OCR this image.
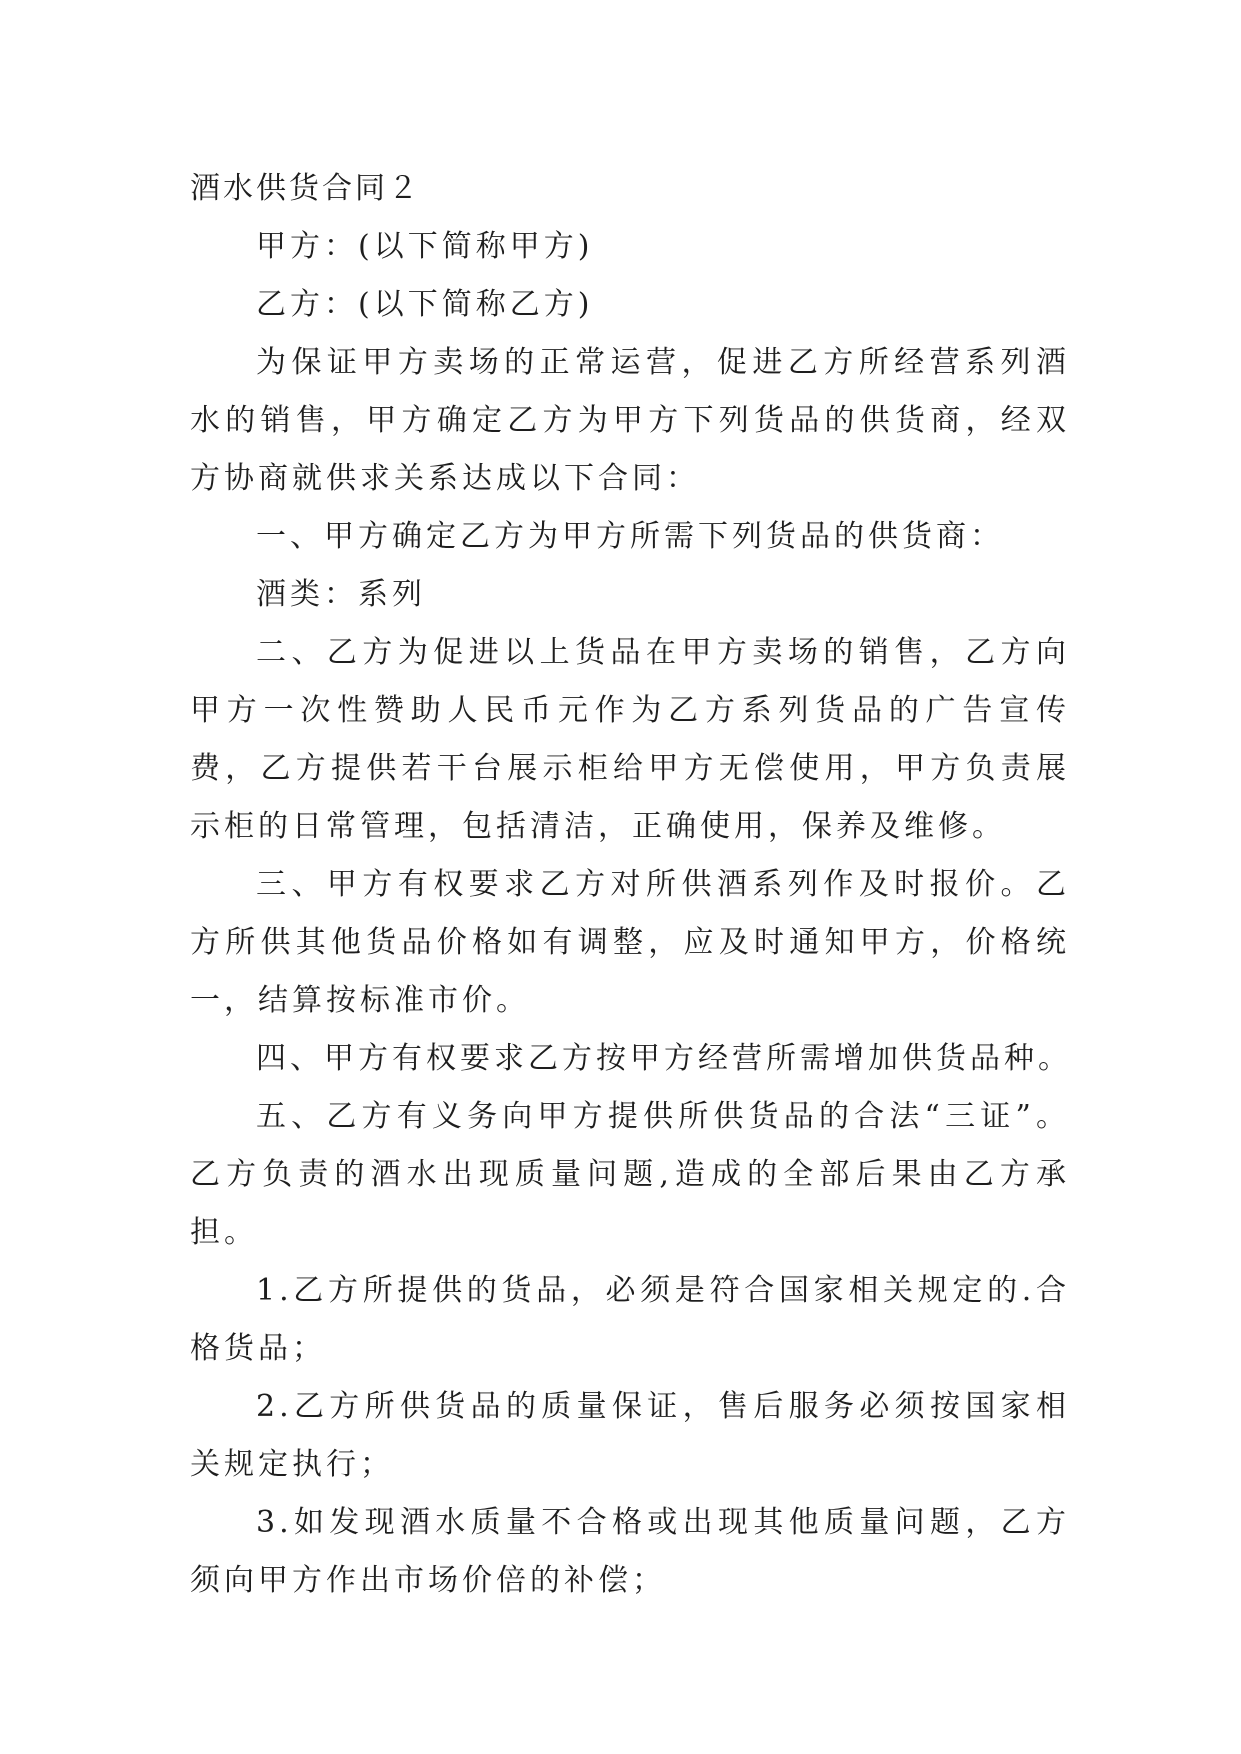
酒水供货合同２

甲方：(以下简称甲方)

乙方：(以下简称乙方)

为保证甲方卖场的正常运营，促进乙方所经营系列酒水的销售，甲方确定乙方为甲方下列货品的供货商，经双方协商就供求关系达成以下合同：

一、甲方确定乙方为甲方所需下列货品的供货商：

酒类：系列

二、乙方为促进以上货品在甲方卖场的销售，乙方向甲方一次性赞助人民币元作为乙方系列货品的广告宣传费，乙方提供若干台展示柜给甲方无偿使用，甲方负责展示柜的日常管理，包括清洁，正确使用，保养及维修。

三、甲方有权要求乙方对所供酒系列作及时报价。乙方所供其他货品价格如有调整，应及时通知甲方，价格统一，结算按标准市价。

四、甲方有权要求乙方按甲方经营所需增加供货品种。

五、乙方有义务向甲方提供所供货品的合法“三证”。乙方负责的酒水出现质量问题,造成的全部后果由乙方承担。

1.乙方所提供的货品，必须是符合国家相关规定的.合格货品；

2.乙方所供货品的质量保证，售后服务必须按国家相关规定执行；

3.如发现酒水质量不合格或出现其他质量问题，乙方须向甲方作出市场价倍的补偿；
